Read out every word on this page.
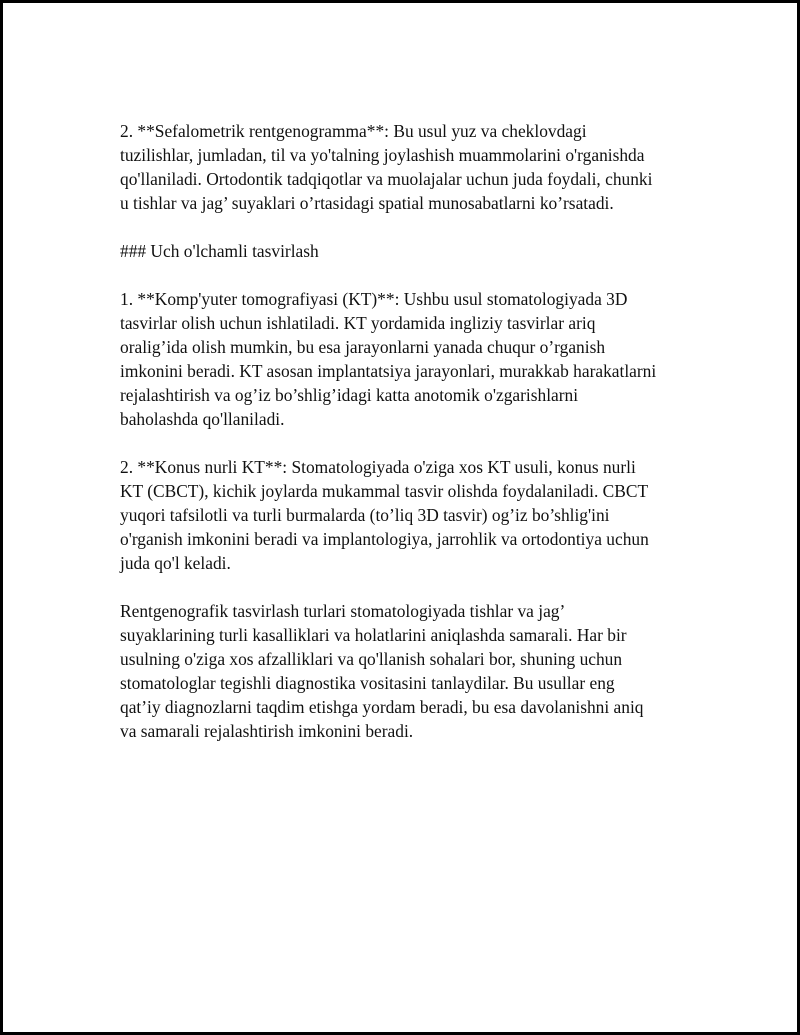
2. **Sefalometrik rentgenogramma**: Bu usul yuz va cheklovdagi
tuzilishlar, jumladan, til va yo'talning joylashish muammolarini o'rganishda
qo'llaniladi. Ortodontik tadqiqotlar va muolajalar uchun juda foydali, chunki
u tishlar va jag’ suyaklari o’rtasidagi spatial munosabatlarni ko’rsatadi.

### Uch o'lchamli tasvirlash

1. **Komp'yuter tomografiyasi (KT)**: Ushbu usul stomatologiyada 3D
tasvirlar olish uchun ishlatiladi. KT yordamida ingliziy tasvirlar ariq
oralig’ida olish mumkin, bu esa jarayonlarni yanada chuqur o’rganish
imkonini beradi. KT asosan implantatsiya jarayonlari, murakkab harakatlarni
rejalashtirish va og’iz bo’shlig’idagi katta anotomik o'zgarishlarni
baholashda qo'llaniladi.

2. **Konus nurli KT**: Stomatologiyada o'ziga xos KT usuli, konus nurli
KT (CBCT), kichik joylarda mukammal tasvir olishda foydalaniladi. CBCT
yuqori tafsilotli va turli burmalarda (to’liq 3D tasvir) og’iz bo’shlig'ini
o'rganish imkonini beradi va implantologiya, jarrohlik va ortodontiya uchun
juda qo'l keladi.

Rentgenografik tasvirlash turlari stomatologiyada tishlar va jag’
suyaklarining turli kasalliklari va holatlarini aniqlashda samarali. Har bir
usulning o'ziga xos afzalliklari va qo'llanish sohalari bor, shuning uchun
stomatologlar tegishli diagnostika vositasini tanlaydilar. Bu usullar eng
qat’iy diagnozlarni taqdim etishga yordam beradi, bu esa davolanishni aniq
va samarali rejalashtirish imkonini beradi.
